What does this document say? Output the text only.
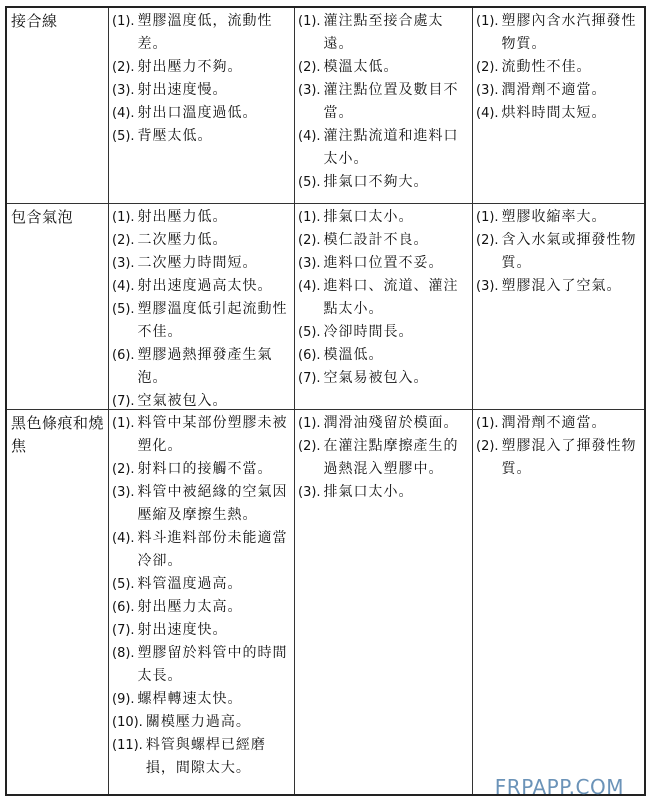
接合線	(1). 塑膠溫度低，流動性差。
(2). 射出壓力不夠。
(3). 射出速度慢。
(4). 射出口溫度過低。
(5). 背壓太低。
(1). 灌注點至接合處太遠。
(2). 模溫太低。
(3). 灌注點位置及數目不當。
(4). 灌注點流道和進料口太小。
(5). 排氣口不夠大。
(1). 塑膠內含水汽揮發性物質。
(2). 流動性不佳。
(3). 潤滑劑不適當。
(4). 烘料時間太短。
包含氣泡	(1). 射出壓力低。
(2). 二次壓力低。
(3). 二次壓力時間短。
(4). 射出速度過高太快。
(5). 塑膠溫度低引起流動性不佳。
(6). 塑膠過熱揮發產生氣泡。
(7). 空氣被包入。
(1). 排氣口太小。
(2). 模仁設計不良。
(3). 進料口位置不妥。
(4). 進料口、流道、灌注點太小。
(5). 冷卻時間長。
(6). 模溫低。
(7). 空氣易被包入。
(1). 塑膠收縮率大。
(2). 含入水氣或揮發性物質。
(3). 塑膠混入了空氣。
黑色條痕和燒焦
(1). 料管中某部份塑膠未被塑化。
(2). 射料口的接觸不當。
(3). 料管中被絕緣的空氣因壓縮及摩擦生熱。
(4). 料斗進料部份未能適當冷卻。
(5). 料管溫度過高。
(6). 射出壓力太高。
(7). 射出速度快。
(8). 塑膠留於料管中的時間太長。
(9). 螺桿轉速太快。
(10). 關模壓力過高。
(11). 料管與螺桿已經磨損，間隙太大。
(1). 潤滑油殘留於模面。
(2). 在灌注點摩擦產生的過熱混入塑膠中。
(3). 排氣口太小。
(1). 潤滑劑不適當。
(2). 塑膠混入了揮發性物質。
FRPAPP.COM
